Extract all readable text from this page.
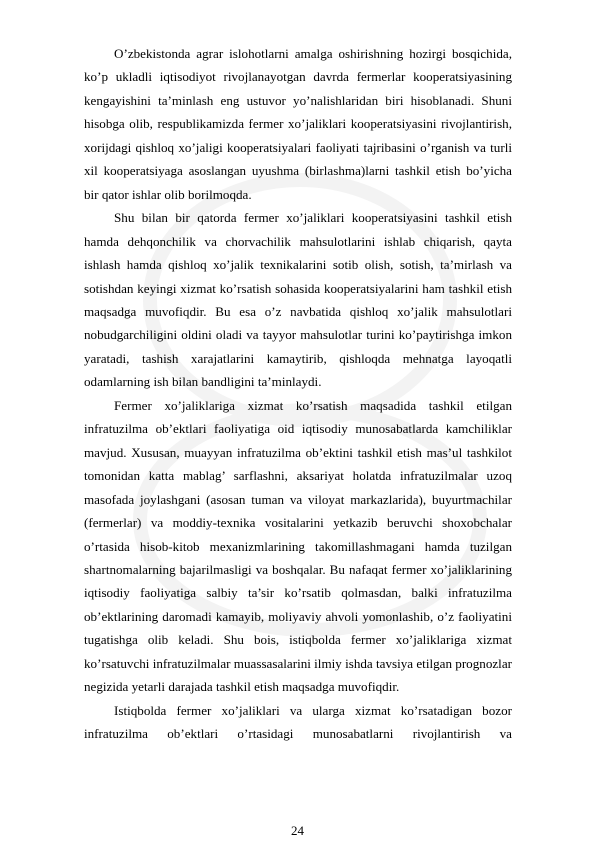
O’zbekistonda agrar islohotlarni amalga oshirishning hozirgi bosqichida, ko’p ukladli iqtisodiyot rivojlanayotgan davrda fermerlar kooperatsiyasining kengayishini ta’minlash eng ustuvor yo’nalishlaridan biri hisoblanadi. Shuni hisobga olib, respublikamizda fermer xo’jaliklari kooperatsiyasini rivojlantirish, xorijdagi qishloq xo’jaligi kooperatsiyalari faoliyati tajribasini o’rganish va turli xil kooperatsiyaga asoslangan uyushma (birlashma)larni tashkil etish bo’yicha bir qator ishlar olib borilmoqda.

Shu bilan bir qatorda fermer xo’jaliklari kooperatsiyasini tashkil etish hamda dehqonchilik va chorvachilik mahsulotlarini ishlab chiqarish, qayta ishlash hamda qishloq xo’jalik texnikalarini sotib olish, sotish, ta’mirlash va sotishdan keyingi xizmat ko’rsatish sohasida kooperatsiyalarini ham tashkil etish maqsadga muvofiqdir. Bu esa o’z navbatida qishloq xo’jalik mahsulotlari nobudgarchiligini oldini oladi va tayyor mahsulotlar turini ko’paytirishga imkon yaratadi, tashish xarajatlarini kamaytirib, qishloqda mehnatga layoqatli odamlarning ish bilan bandligini ta’minlaydi.

Fermer xo’jaliklariga xizmat ko’rsatish maqsadida tashkil etilgan infratuzilma ob’ektlari faoliyatiga oid iqtisodiy munosabatlarda kamchiliklar mavjud. Xususan, muayyan infratuzilma ob’ektini tashkil etish mas’ul tashkilot tomonidan katta mablag’ sarflashni, aksariyat holatda infratuzilmalar uzoq masofada joylashgani (asosan tuman va viloyat markazlarida), buyurtmachilar (fermerlar) va moddiy-texnika vositalarini yetkazib beruvchi shoxobchalar o’rtasida hisob-kitob mexanizmlarining takomillashmagani hamda tuzilgan shartnomalarning bajarilmasligi va boshqalar. Bu nafaqat fermer xo’jaliklarining iqtisodiy faoliyatiga salbiy ta’sir ko’rsatib qolmasdan, balki infratuzilma ob’ektlarining daromadi kamayib, moliyaviy ahvoli yomonlashib, o’z faoliyatini tugatishga olib keladi. Shu bois, istiqbolda fermer xo’jaliklariga xizmat ko’rsatuvchi infratuzilmalar muassasalarini ilmiy ishda tavsiya etilgan prognozlar negizida yetarli darajada tashkil etish maqsadga muvofiqdir.

Istiqbolda fermer xo’jaliklari va ularga xizmat ko’rsatadigan bozor infratuzilma ob’ektlari o’rtasidagi munosabatlarni rivojlantirish va

24
